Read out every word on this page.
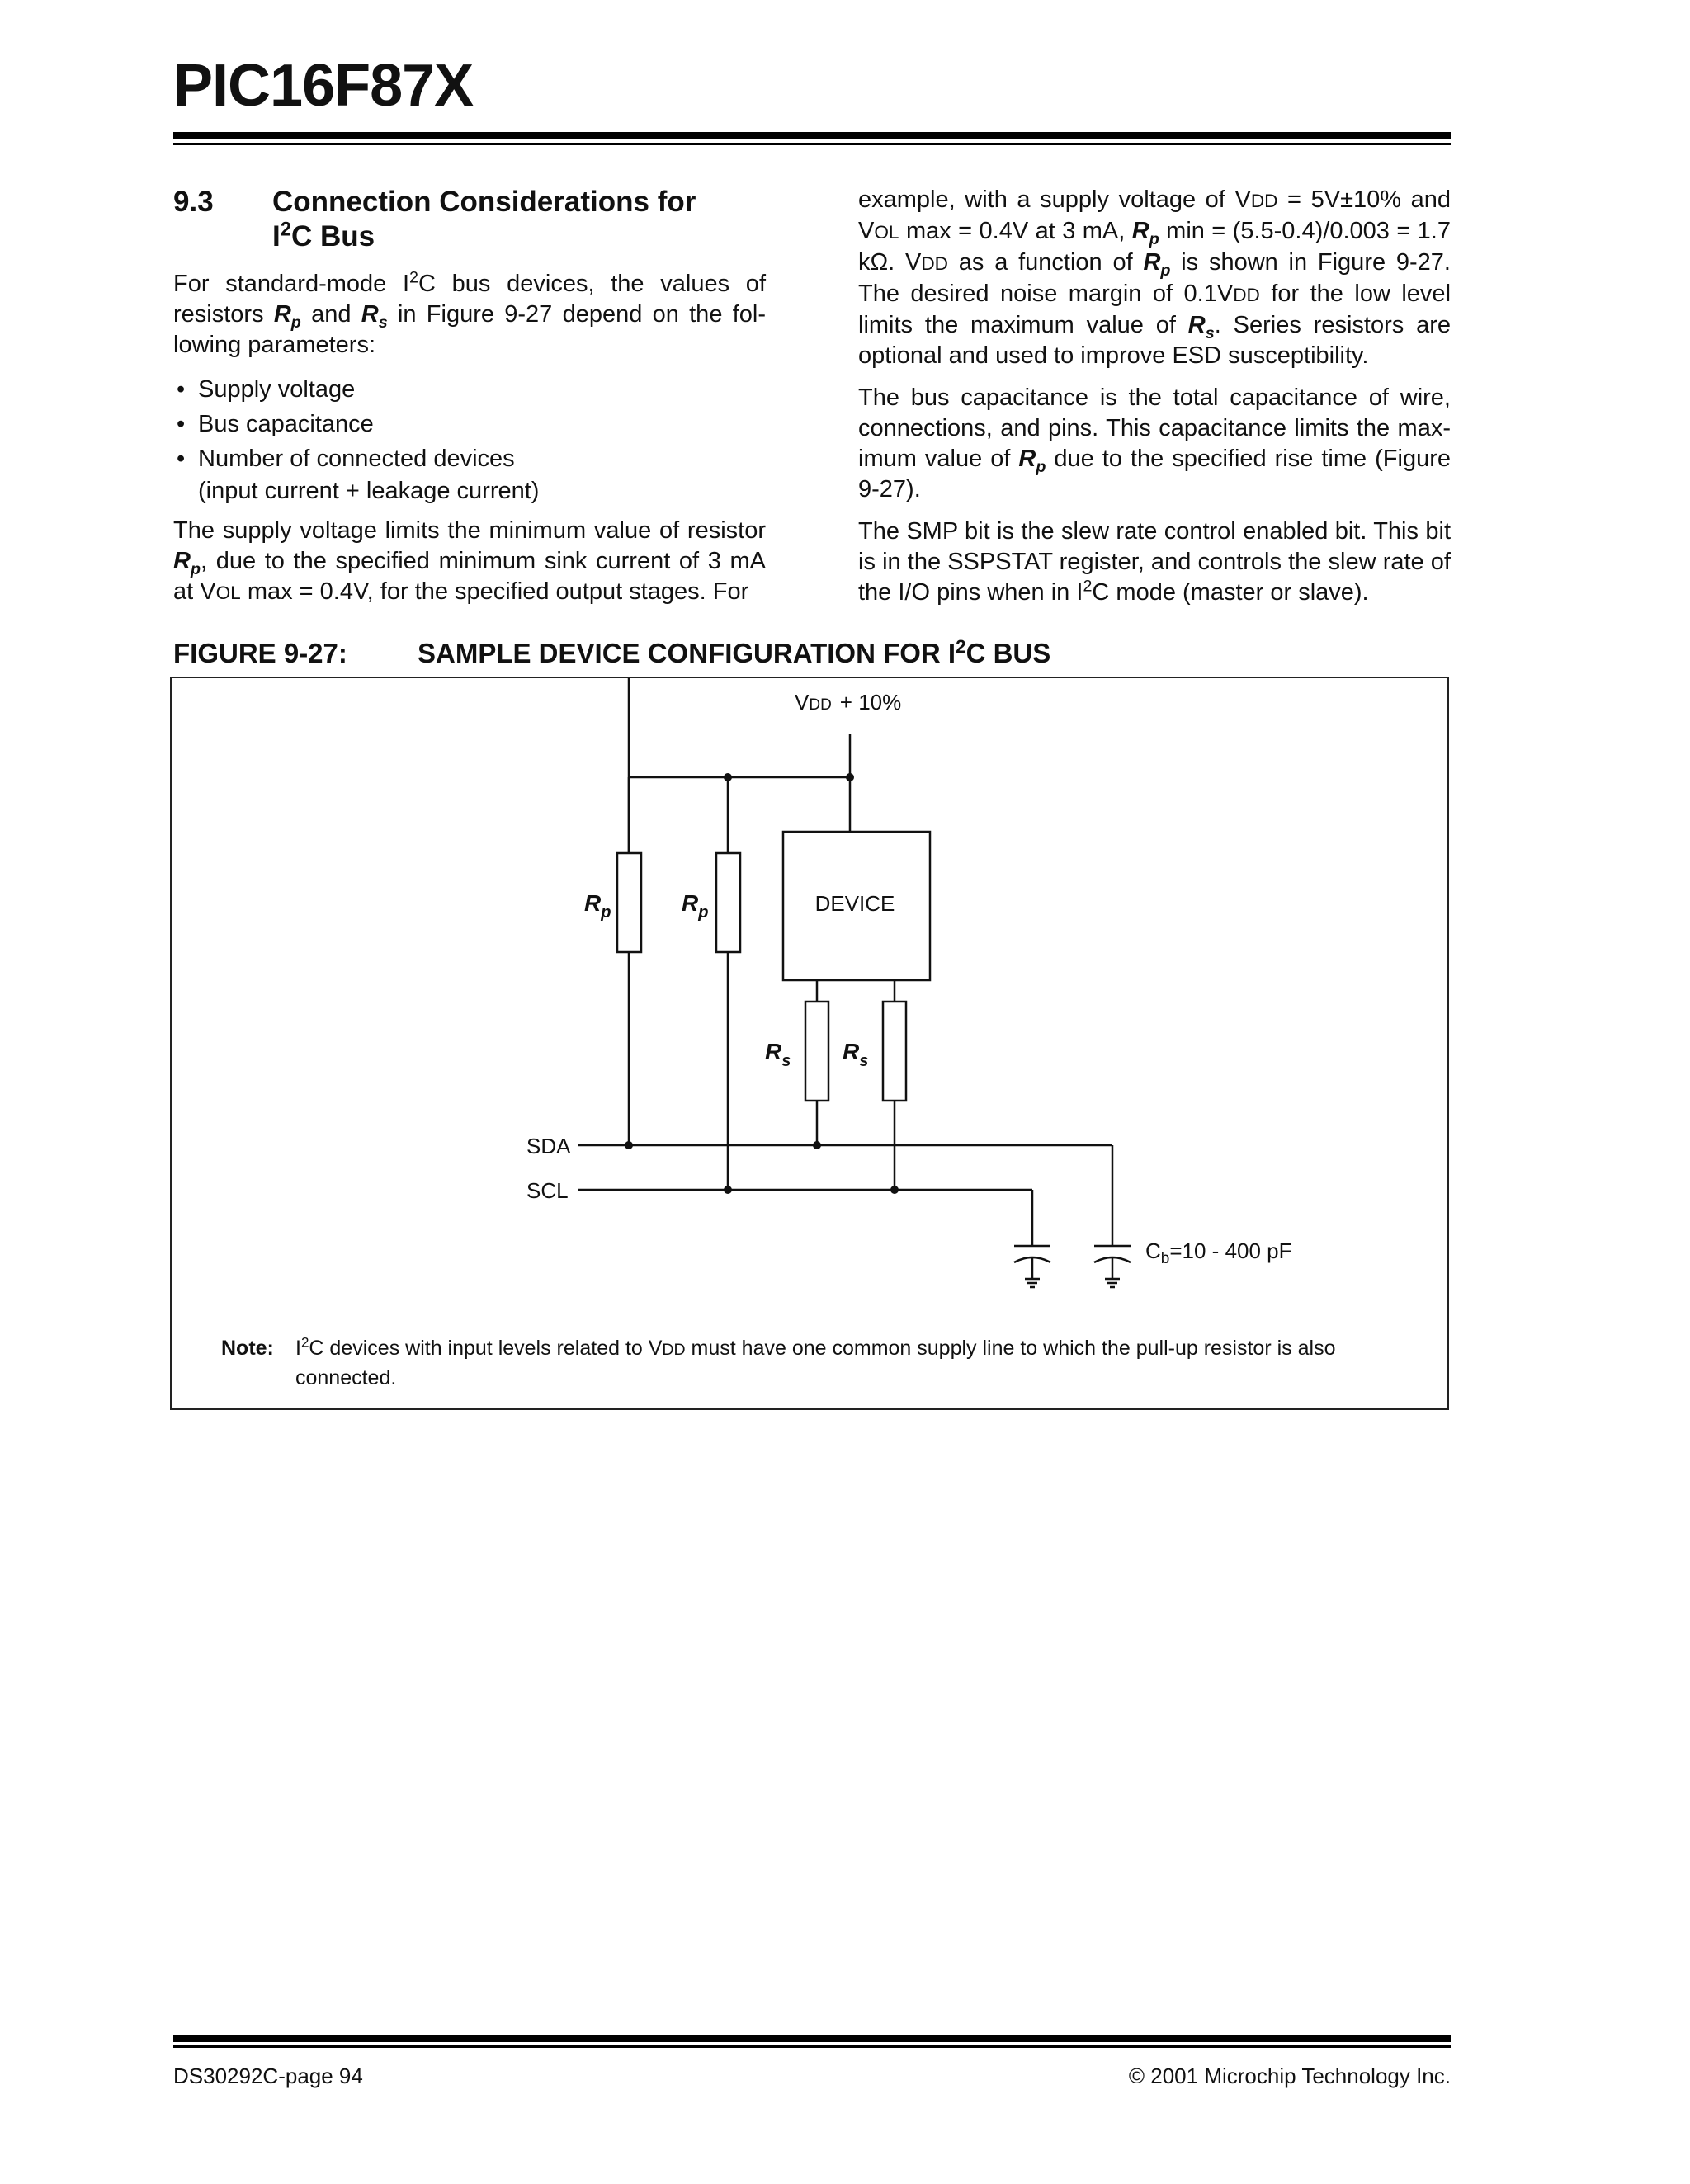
PIC16F87X
9.3	Connection Considerations for
$I^2C$ Bus

For standard-mode $I^2C$ bus devices, the values of resistors $R_p$ and $R_s$ in Figure 9-27 depend on the fol-lowing parameters:

• Supply voltage
• Bus capacitance
• Number of connected devices
(input current + leakage current)

The supply voltage limits the minimum value of resistor $R_p$, due to the specified minimum sink current of 3 mA at VOL max = 0.4V, for the specified output stages. For

example, with a supply voltage of VDD = 5V±10% and VOL max = 0.4V at 3 mA, $R_p$ min = (5.5-0.4)/0.003 = 1.7 kΩ. VDD as a function of $R_p$ is shown in Figure 9-27. The desired noise margin of 0.1VDD for the low level limits the maximum value of $R_s$. Series resistors are optional and used to improve ESD susceptibility.

The bus capacitance is the total capacitance of wire, connections, and pins. This capacitance limits the max-imum value of $R_p$ due to the specified rise time (Figure 9-27).

The SMP bit is the slew rate control enabled bit. This bit is in the SSPSTAT register, and controls the slew rate of the I/O pins when in $I^2C$ mode (master or slave).

FIGURE 9-27:	SAMPLE DEVICE CONFIGURATION FOR $I^2C$ BUS
VDD + 10%
DEVICE
$R_p$	$R_p$
$R_s$ $R_s$
SDA
SCL
$C_b=10 - 400$ pF
Note:	$I^2C$ devices with input levels related to VDD must have one common supply line to which the pull-up resistor is also connected.
DS30292C-page 94	© 2001 Microchip Technology Inc.
